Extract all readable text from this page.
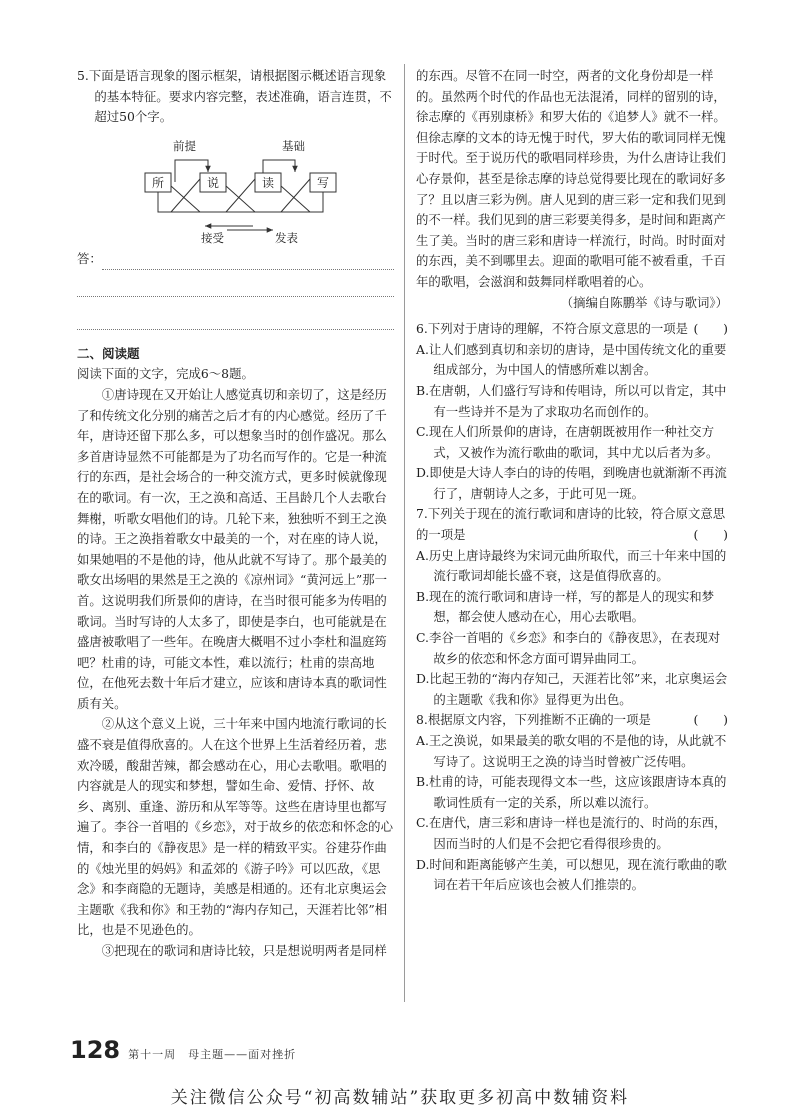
5.下面是语言现象的图示框架，请根据图示概述语言现象的基本特征。要求内容完整，表述准确，语言连贯，不超过50个字。

前提	基础
所	说	读	写
接受	发表
答：

二、阅读题

阅读下面的文字，完成6～8题。

①唐诗现在又开始让人感觉真切和亲切了，这是经历了和传统文化分别的痛苦之后才有的内心感觉。经历了千年，唐诗还留下那么多，可以想象当时的创作盛况。那么多首唐诗显然不可能都是为了功名而写作的。它是一种流行的东西，是社会场合的一种交流方式，更多时候就像现在的歌词。有一次，王之涣和高适、王昌龄几个人去歌台舞榭，听歌女唱他们的诗。几轮下来，独独听不到王之涣的诗。王之涣指着歌女中最美的一个，对在座的诗人说，如果她唱的不是他的诗，他从此就不写诗了。那个最美的歌女出场唱的果然是王之涣的《凉州词》“黄河远上”那一首。这说明我们所景仰的唐诗，在当时很可能多为传唱的歌词。当时写诗的人太多了，即使是李白，也可能就是在盛唐被歌唱了一些年。在晚唐大概唱不过小李杜和温庭筠吧？杜甫的诗，可能文本性，难以流行；杜甫的崇高地位，在他死去数十年后才建立，应该和唐诗本真的歌词性质有关。

②从这个意义上说，三十年来中国内地流行歌词的长盛不衰是值得欣喜的。人在这个世界上生活着经历着，悲欢冷暖，酸甜苦辣，都会感动在心，用心去歌唱。歌唱的内容就是人的现实和梦想，譬如生命、爱情、抒怀、故乡、离别、重逢、游历和从军等等。这些在唐诗里也都写遍了。李谷一首唱的《乡恋》，对于故乡的依恋和怀念的心情，和李白的《静夜思》是一样的精致平实。谷建芬作曲的《烛光里的妈妈》和孟郊的《游子吟》可以匹敌，《思念》和李商隐的无题诗，美感是相通的。还有北京奥运会主题歌《我和你》和王勃的“海内存知己，天涯若比邻”相比，也是不见逊色的。

③把现在的歌词和唐诗比较，只是想说明两者是同样

的东西。尽管不在同一时空，两者的文化身份却是一样的。虽然两个时代的作品也无法混淆，同样的留别的诗，徐志摩的《再别康桥》和罗大佑的《追梦人》就不一样。但徐志摩的文本的诗无愧于时代，罗大佑的歌词同样无愧于时代。至于说历代的歌唱同样珍贵，为什么唐诗让我们心存景仰，甚至是徐志摩的诗总觉得要比现在的歌词好多了？且以唐三彩为例。唐人见到的唐三彩一定和我们见到的不一样。我们见到的唐三彩要美得多，是时间和距离产生了美。当时的唐三彩和唐诗一样流行，时尚。时时面对的东西，美不到哪里去。迎面的歌唱可能不被看重，千百年的歌唱，会滋润和鼓舞同样歌唱着的心。

（摘编自陈鹏举《诗与歌词》）

6.下列对于唐诗的理解，不符合原文意思的一项是 (　　)

A.让人们感到真切和亲切的唐诗，是中国传统文化的重要组成部分，为中国人的情感所难以割舍。

B.在唐朝，人们盛行写诗和传唱诗，所以可以肯定，其中有一些诗并不是为了求取功名而创作的。

C.现在人们所景仰的唐诗，在唐朝既被用作一种社交方式，又被作为流行歌曲的歌词，其中尤以后者为多。

D.即使是大诗人李白的诗的传唱，到晚唐也就渐渐不再流行了，唐朝诗人之多，于此可见一斑。

7.下列关于现在的流行歌词和唐诗的比较，符合原文意思的一项是	(　　)

A.历史上唐诗最终为宋词元曲所取代，而三十年来中国的流行歌词却能长盛不衰，这是值得欣喜的。

B.现在的流行歌词和唐诗一样，写的都是人的现实和梦想，都会使人感动在心，用心去歌唱。

C.李谷一首唱的《乡恋》和李白的《静夜思》，在表现对故乡的依恋和怀念方面可谓异曲同工。

D.比起王勃的“海内存知己，天涯若比邻”来，北京奥运会的主题歌《我和你》显得更为出色。

8.根据原文内容，下列推断不正确的一项是	(　　)

A.王之涣说，如果最美的歌女唱的不是他的诗，从此就不写诗了。这说明王之涣的诗当时曾被广泛传唱。

B.杜甫的诗，可能表现得文本一些，这应该跟唐诗本真的歌词性质有一定的关系，所以难以流行。

C.在唐代，唐三彩和唐诗一样也是流行的、时尚的东西，因而当时的人们是不会把它看得很珍贵的。

D.时间和距离能够产生美，可以想见，现在流行歌曲的歌词在若干年后应该也会被人们推崇的。

128 第十一周　母主题——面对挫折
关注微信公众号“初高数辅站”获取更多初高中数辅资料
